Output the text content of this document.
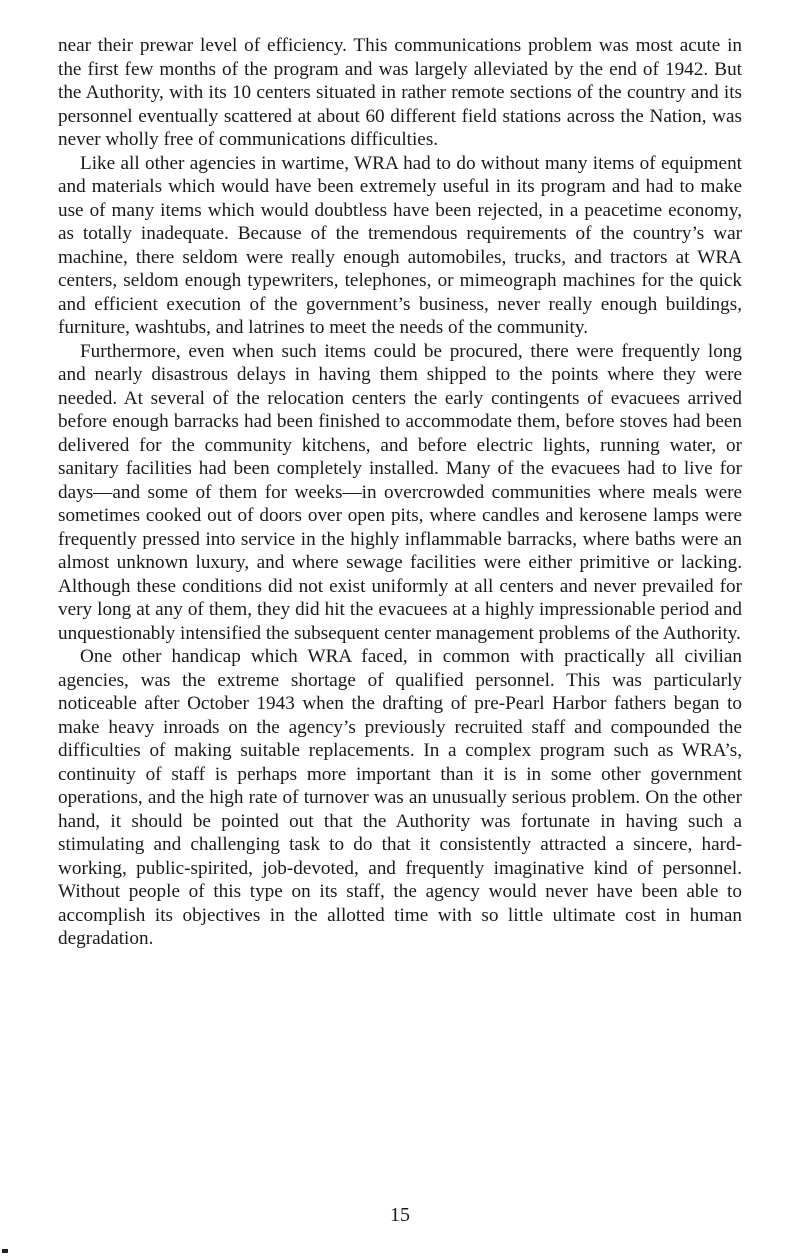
near their prewar level of efficiency. This communications problem was most acute in the first few months of the program and was largely alleviated by the end of 1942. But the Authority, with its 10 centers situated in rather remote sections of the country and its personnel eventually scattered at about 60 different field stations across the Nation, was never wholly free of communications difficulties.

Like all other agencies in wartime, WRA had to do without many items of equipment and materials which would have been extremely useful in its program and had to make use of many items which would doubtless have been rejected, in a peacetime economy, as totally inadequate. Because of the tremendous requirements of the country’s war machine, there seldom were really enough automobiles, trucks, and tractors at WRA centers, seldom enough typewriters, telephones, or mimeograph machines for the quick and efficient execution of the government’s business, never really enough buildings, furniture, washtubs, and latrines to meet the needs of the community.

Furthermore, even when such items could be procured, there were frequently long and nearly disastrous delays in having them shipped to the points where they were needed. At several of the relocation centers the early contingents of evacuees arrived before enough barracks had been finished to accommodate them, before stoves had been delivered for the community kitchens, and before electric lights, running water, or sanitary facilities had been completely installed. Many of the evacuees had to live for days—and some of them for weeks—in overcrowded communities where meals were sometimes cooked out of doors over open pits, where candles and kerosene lamps were frequently pressed into service in the highly inflammable barracks, where baths were an almost unknown luxury, and where sewage facilities were either primitive or lacking. Although these conditions did not exist uniformly at all centers and never prevailed for very long at any of them, they did hit the evacuees at a highly impressionable period and unquestionably intensified the subsequent center management problems of the Authority.

One other handicap which WRA faced, in common with practically all civilian agencies, was the extreme shortage of qualified personnel. This was particularly noticeable after October 1943 when the drafting of pre-Pearl Harbor fathers began to make heavy inroads on the agency’s previously recruited staff and compounded the difficulties of making suitable replacements. In a complex program such as WRA’s, continuity of staff is perhaps more important than it is in some other government operations, and the high rate of turnover was an unusually serious problem. On the other hand, it should be pointed out that the Authority was fortunate in having such a stimulating and challenging task to do that it consistently attracted a sincere, hard-working, public-spirited, job-devoted, and frequently imaginative kind of personnel. Without people of this type on its staff, the agency would never have been able to accomplish its objectives in the allotted time with so little ultimate cost in human degradation.

15
